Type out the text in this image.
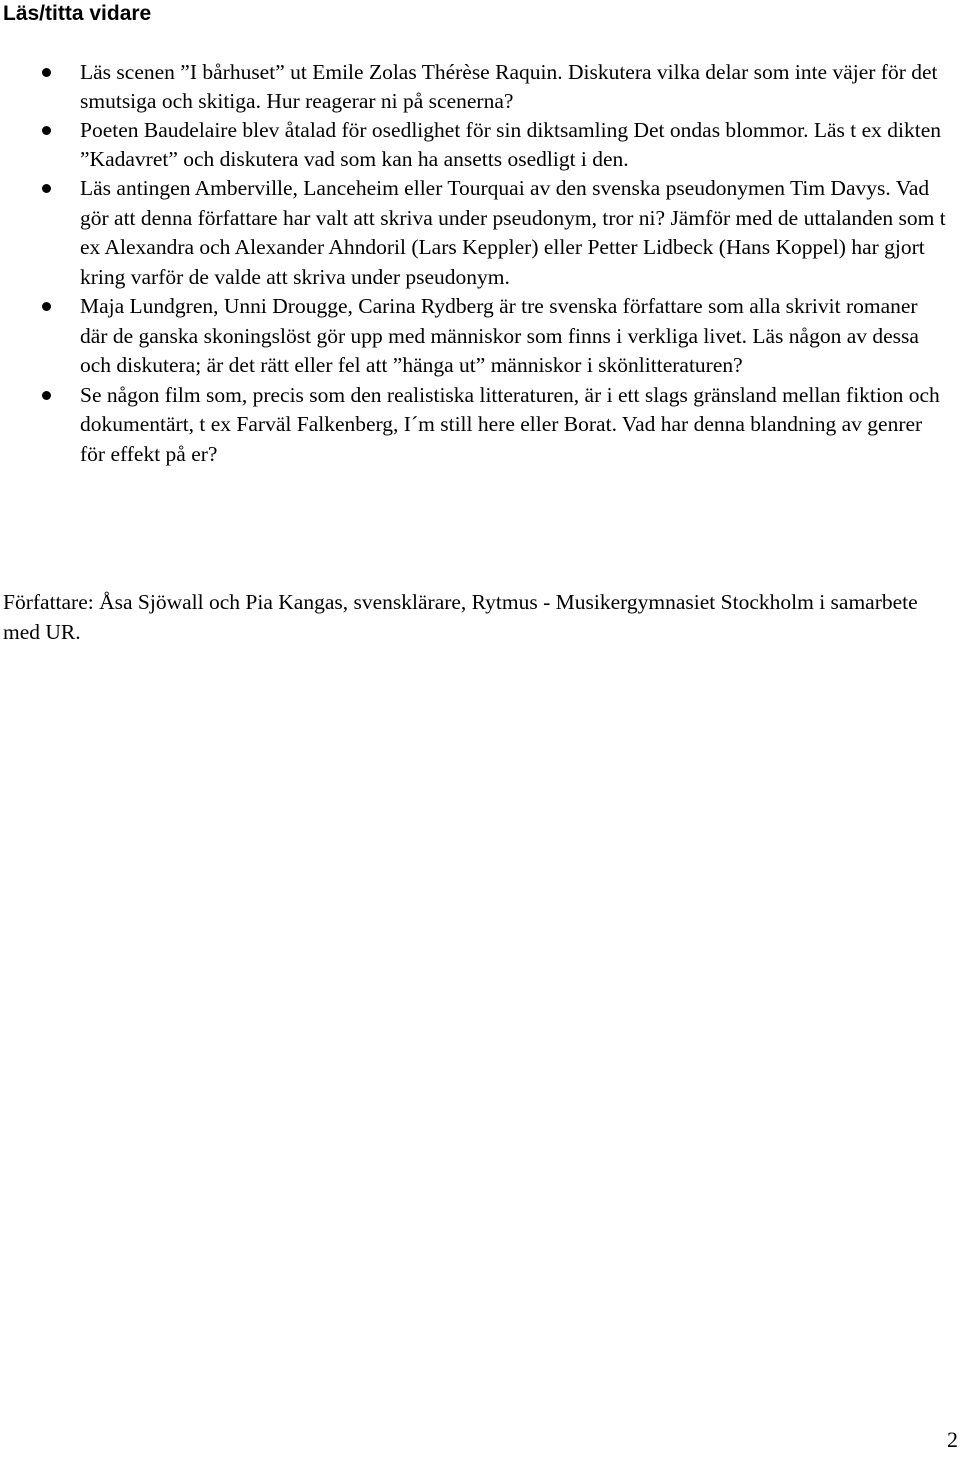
Läs/titta vidare
Läs scenen ”I bårhuset” ut Emile Zolas Thérèse Raquin. Diskutera vilka delar som inte väjer för det smutsiga och skitiga. Hur reagerar ni på scenerna?
Poeten Baudelaire blev åtalad för osedlighet för sin diktsamling Det ondas blommor. Läs t ex dikten ”Kadavret” och diskutera vad som kan ha ansetts osedligt i den.
Läs antingen Amberville, Lanceheim eller Tourquai av den svenska pseudonymen Tim Davys. Vad gör att denna författare har valt att skriva under pseudonym, tror ni? Jämför med de uttalanden som t ex Alexandra och Alexander Ahndoril (Lars Keppler) eller Petter Lidbeck (Hans Koppel) har gjort kring varför de valde att skriva under pseudonym.
Maja Lundgren, Unni Drougge, Carina Rydberg är tre svenska författare som alla skrivit romaner där de ganska skoningslöst gör upp med människor som finns i verkliga livet. Läs någon av dessa och diskutera; är det rätt eller fel att ”hänga ut” människor i skönlitteraturen?
Se någon film som, precis som den realistiska litteraturen, är i ett slags gränsland mellan fiktion och dokumentärt, t ex Farväl Falkenberg, I´m still here eller Borat. Vad har denna blandning av genrer för effekt på er?

Författare: Åsa Sjöwall och Pia Kangas, svensklärare, Rytmus - Musikergymnasiet Stockholm i samarbete med UR.

2
